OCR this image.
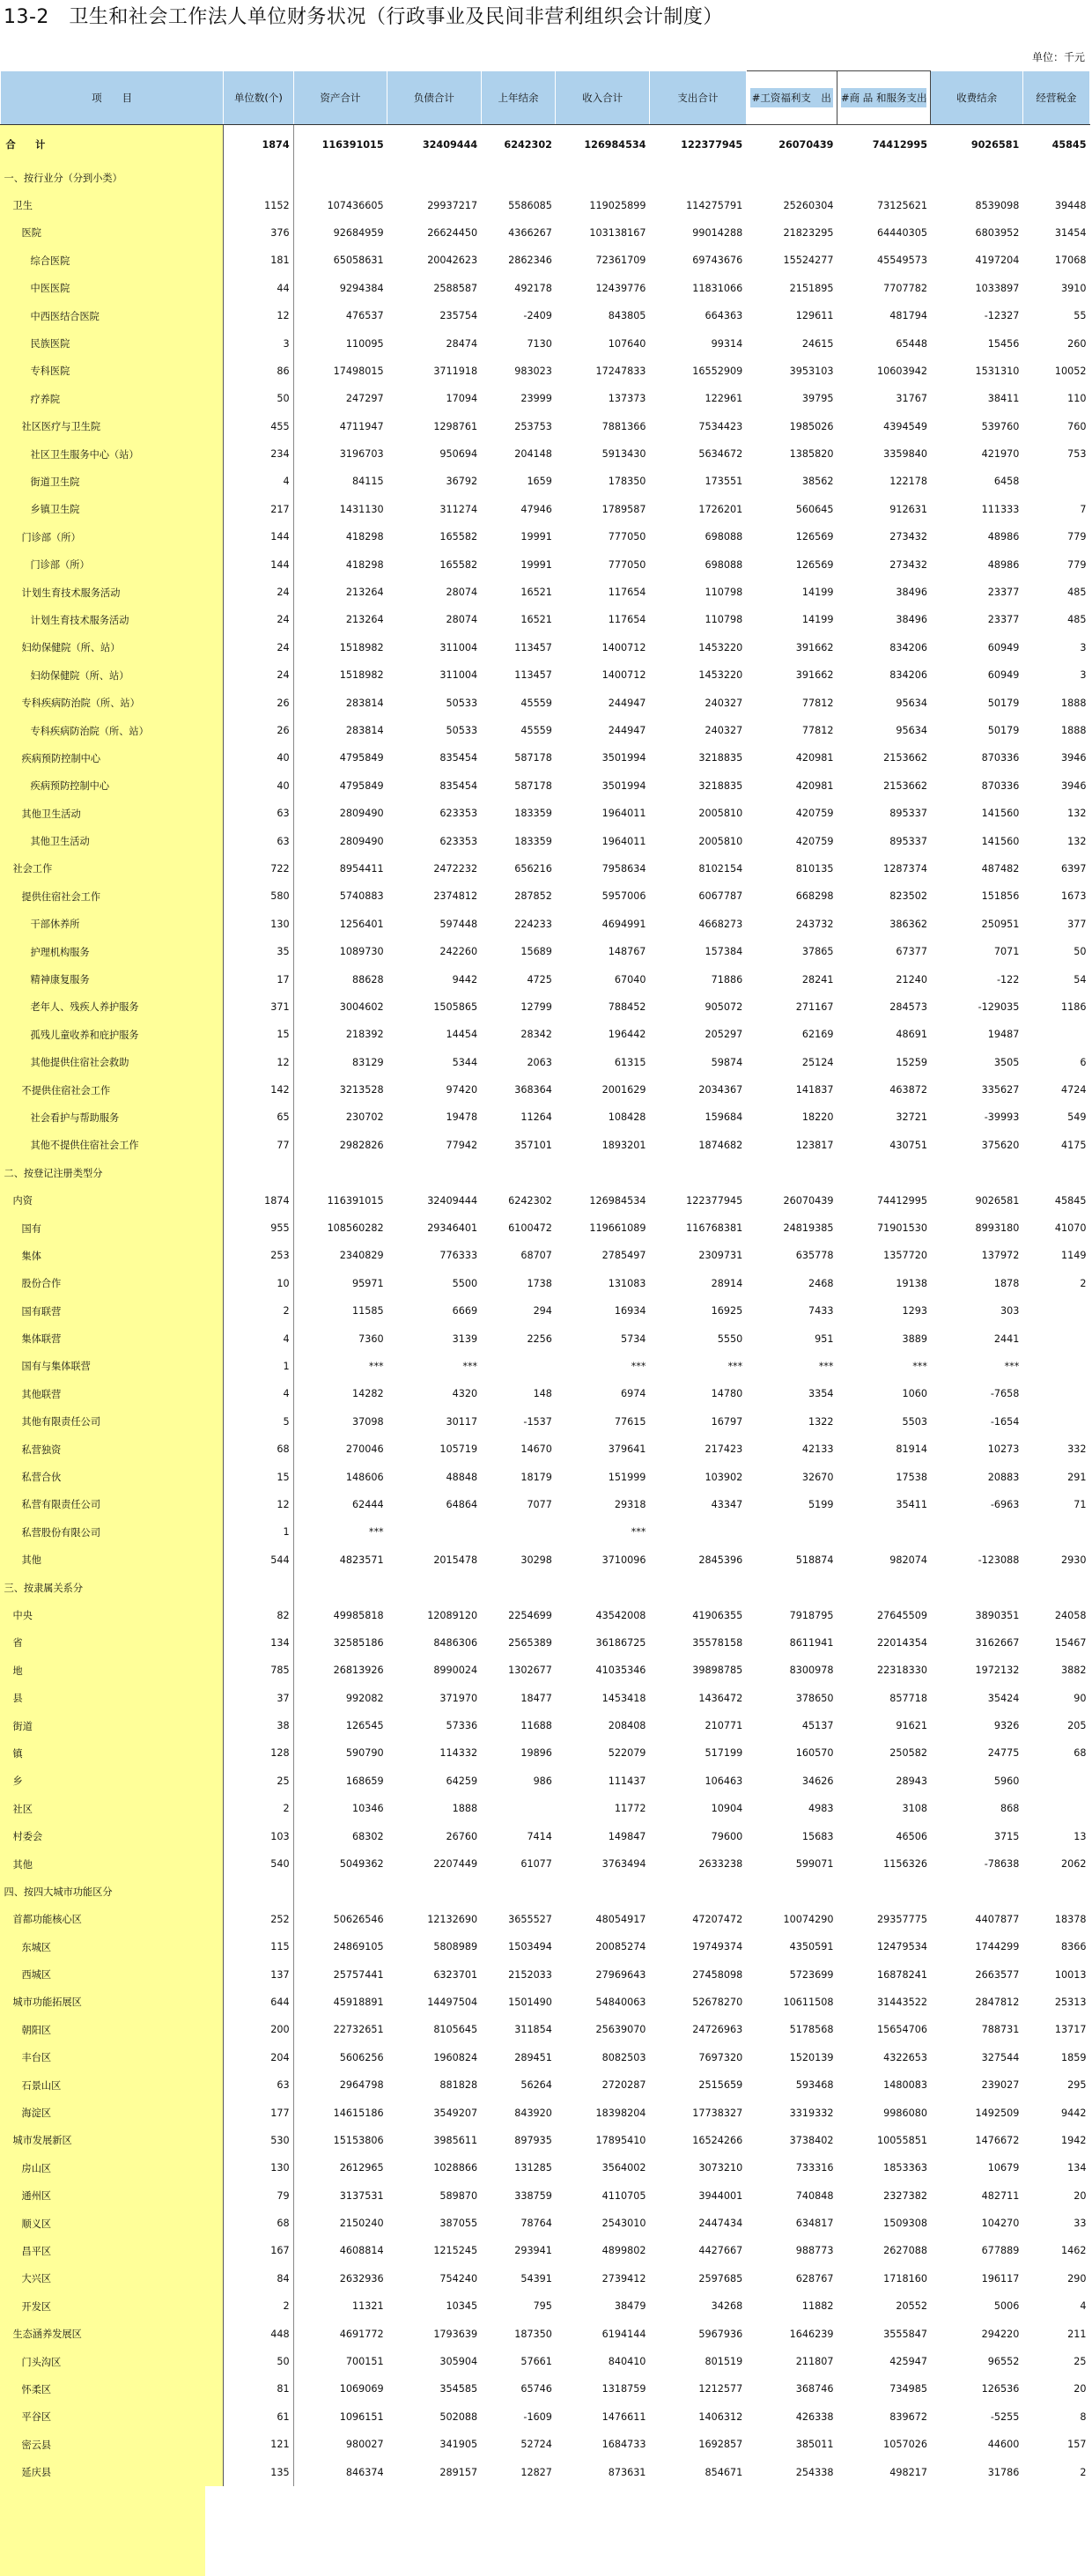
13-2　卫生和社会工作法人单位财务状况（行政事业及民间非营利组织会计制度）
单位：千元
项　　目	单位数(个)	资产合计	负债合计	上年结余	收入合计	支出合计	#工资福利支　出	#商 品 和服务支出	收费结余	经营税金
合　　计	1874	116391015	32409444	6242302	126984534	122377945	26070439	74412995	9026581	45845
一、按行业分（分到小类）										
卫生	1152	107436605	29937217	5586085	119025899	114275791	25260304	73125621	8539098	39448
医院	376	92684959	26624450	4366267	103138167	99014288	21823295	64440305	6803952	31454
综合医院	181	65058631	20042623	2862346	72361709	69743676	15524277	45549573	4197204	17068
中医医院	44	9294384	2588587	492178	12439776	11831066	2151895	7707782	1033897	3910
中西医结合医院	12	476537	235754	-2409	843805	664363	129611	481794	-12327	55
民族医院	3	110095	28474	7130	107640	99314	24615	65448	15456	260
专科医院	86	17498015	3711918	983023	17247833	16552909	3953103	10603942	1531310	10052
疗养院	50	247297	17094	23999	137373	122961	39795	31767	38411	110
社区医疗与卫生院	455	4711947	1298761	253753	7881366	7534423	1985026	4394549	539760	760
社区卫生服务中心（站）	234	3196703	950694	204148	5913430	5634672	1385820	3359840	421970	753
街道卫生院	4	84115	36792	1659	178350	173551	38562	122178	6458	
乡镇卫生院	217	1431130	311274	47946	1789587	1726201	560645	912631	111333	7
门诊部（所）	144	418298	165582	19991	777050	698088	126569	273432	48986	779
门诊部（所）	144	418298	165582	19991	777050	698088	126569	273432	48986	779
计划生育技术服务活动	24	213264	28074	16521	117654	110798	14199	38496	23377	485
计划生育技术服务活动	24	213264	28074	16521	117654	110798	14199	38496	23377	485
妇幼保健院（所、站）	24	1518982	311004	113457	1400712	1453220	391662	834206	60949	3
妇幼保健院（所、站）	24	1518982	311004	113457	1400712	1453220	391662	834206	60949	3
专科疾病防治院（所、站）	26	283814	50533	45559	244947	240327	77812	95634	50179	1888
专科疾病防治院（所、站）	26	283814	50533	45559	244947	240327	77812	95634	50179	1888
疾病预防控制中心	40	4795849	835454	587178	3501994	3218835	420981	2153662	870336	3946
疾病预防控制中心	40	4795849	835454	587178	3501994	3218835	420981	2153662	870336	3946
其他卫生活动	63	2809490	623353	183359	1964011	2005810	420759	895337	141560	132
其他卫生活动	63	2809490	623353	183359	1964011	2005810	420759	895337	141560	132
社会工作	722	8954411	2472232	656216	7958634	8102154	810135	1287374	487482	6397
提供住宿社会工作	580	5740883	2374812	287852	5957006	6067787	668298	823502	151856	1673
干部休养所	130	1256401	597448	224233	4694991	4668273	243732	386362	250951	377
护理机构服务	35	1089730	242260	15689	148767	157384	37865	67377	7071	50
精神康复服务	17	88628	9442	4725	67040	71886	28241	21240	-122	54
老年人、残疾人养护服务	371	3004602	1505865	12799	788452	905072	271167	284573	-129035	1186
孤残儿童收养和庇护服务	15	218392	14454	28342	196442	205297	62169	48691	19487	
其他提供住宿社会救助	12	83129	5344	2063	61315	59874	25124	15259	3505	6
不提供住宿社会工作	142	3213528	97420	368364	2001629	2034367	141837	463872	335627	4724
社会看护与帮助服务	65	230702	19478	11264	108428	159684	18220	32721	-39993	549
其他不提供住宿社会工作	77	2982826	77942	357101	1893201	1874682	123817	430751	375620	4175
二、按登记注册类型分										
内资	1874	116391015	32409444	6242302	126984534	122377945	26070439	74412995	9026581	45845
国有	955	108560282	29346401	6100472	119661089	116768381	24819385	71901530	8993180	41070
集体	253	2340829	776333	68707	2785497	2309731	635778	1357720	137972	1149
股份合作	10	95971	5500	1738	131083	28914	2468	19138	1878	2
国有联营	2	11585	6669	294	16934	16925	7433	1293	303	
集体联营	4	7360	3139	2256	5734	5550	951	3889	2441	
国有与集体联营	1	***	***		***	***	***	***	***	
其他联营	4	14282	4320	148	6974	14780	3354	1060	-7658	
其他有限责任公司	5	37098	30117	-1537	77615	16797	1322	5503	-1654	
私营独资	68	270046	105719	14670	379641	217423	42133	81914	10273	332
私营合伙	15	148606	48848	18179	151999	103902	32670	17538	20883	291
私营有限责任公司	12	62444	64864	7077	29318	43347	5199	35411	-6963	71
私营股份有限公司	1	***			***					
其他	544	4823571	2015478	30298	3710096	2845396	518874	982074	-123088	2930
三、按隶属关系分										
中央	82	49985818	12089120	2254699	43542008	41906355	7918795	27645509	3890351	24058
省	134	32585186	8486306	2565389	36186725	35578158	8611941	22014354	3162667	15467
地	785	26813926	8990024	1302677	41035346	39898785	8300978	22318330	1972132	3882
县	37	992082	371970	18477	1453418	1436472	378650	857718	35424	90
街道	38	126545	57336	11688	208408	210771	45137	91621	9326	205
镇	128	590790	114332	19896	522079	517199	160570	250582	24775	68
乡	25	168659	64259	986	111437	106463	34626	28943	5960	
社区	2	10346	1888		11772	10904	4983	3108	868	
村委会	103	68302	26760	7414	149847	79600	15683	46506	3715	13
其他	540	5049362	2207449	61077	3763494	2633238	599071	1156326	-78638	2062
四、按四大城市功能区分										
首都功能核心区	252	50626546	12132690	3655527	48054917	47207472	10074290	29357775	4407877	18378
东城区	115	24869105	5808989	1503494	20085274	19749374	4350591	12479534	1744299	8366
西城区	137	25757441	6323701	2152033	27969643	27458098	5723699	16878241	2663577	10013
城市功能拓展区	644	45918891	14497504	1501490	54840063	52678270	10611508	31443522	2847812	25313
朝阳区	200	22732651	8105645	311854	25639070	24726963	5178568	15654706	788731	13717
丰台区	204	5606256	1960824	289451	8082503	7697320	1520139	4322653	327544	1859
石景山区	63	2964798	881828	56264	2720287	2515659	593468	1480083	239027	295
海淀区	177	14615186	3549207	843920	18398204	17738327	3319332	9986080	1492509	9442
城市发展新区	530	15153806	3985611	897935	17895410	16524266	3738402	10055851	1476672	1942
房山区	130	2612965	1028866	131285	3564002	3073210	733316	1853363	10679	134
通州区	79	3137531	589870	338759	4110705	3944001	740848	2327382	482711	20
顺义区	68	2150240	387055	78764	2543010	2447434	634817	1509308	104270	33
昌平区	167	4608814	1215245	293941	4899802	4427667	988773	2627088	677889	1462
大兴区	84	2632936	754240	54391	2739412	2597685	628767	1718160	196117	290
开发区	2	11321	10345	795	38479	34268	11882	20552	5006	4
生态涵养发展区	448	4691772	1793639	187350	6194144	5967936	1646239	3555847	294220	211
门头沟区	50	700151	305904	57661	840410	801519	211807	425947	96552	25
怀柔区	81	1069069	354585	65746	1318759	1212577	368746	734985	126536	20
平谷区	61	1096151	502088	-1609	1476611	1406312	426338	839672	-5255	8
密云县	121	980027	341905	52724	1684733	1692857	385011	1057026	44600	157
延庆县	135	846374	289157	12827	873631	854671	254338	498217	31786	2
